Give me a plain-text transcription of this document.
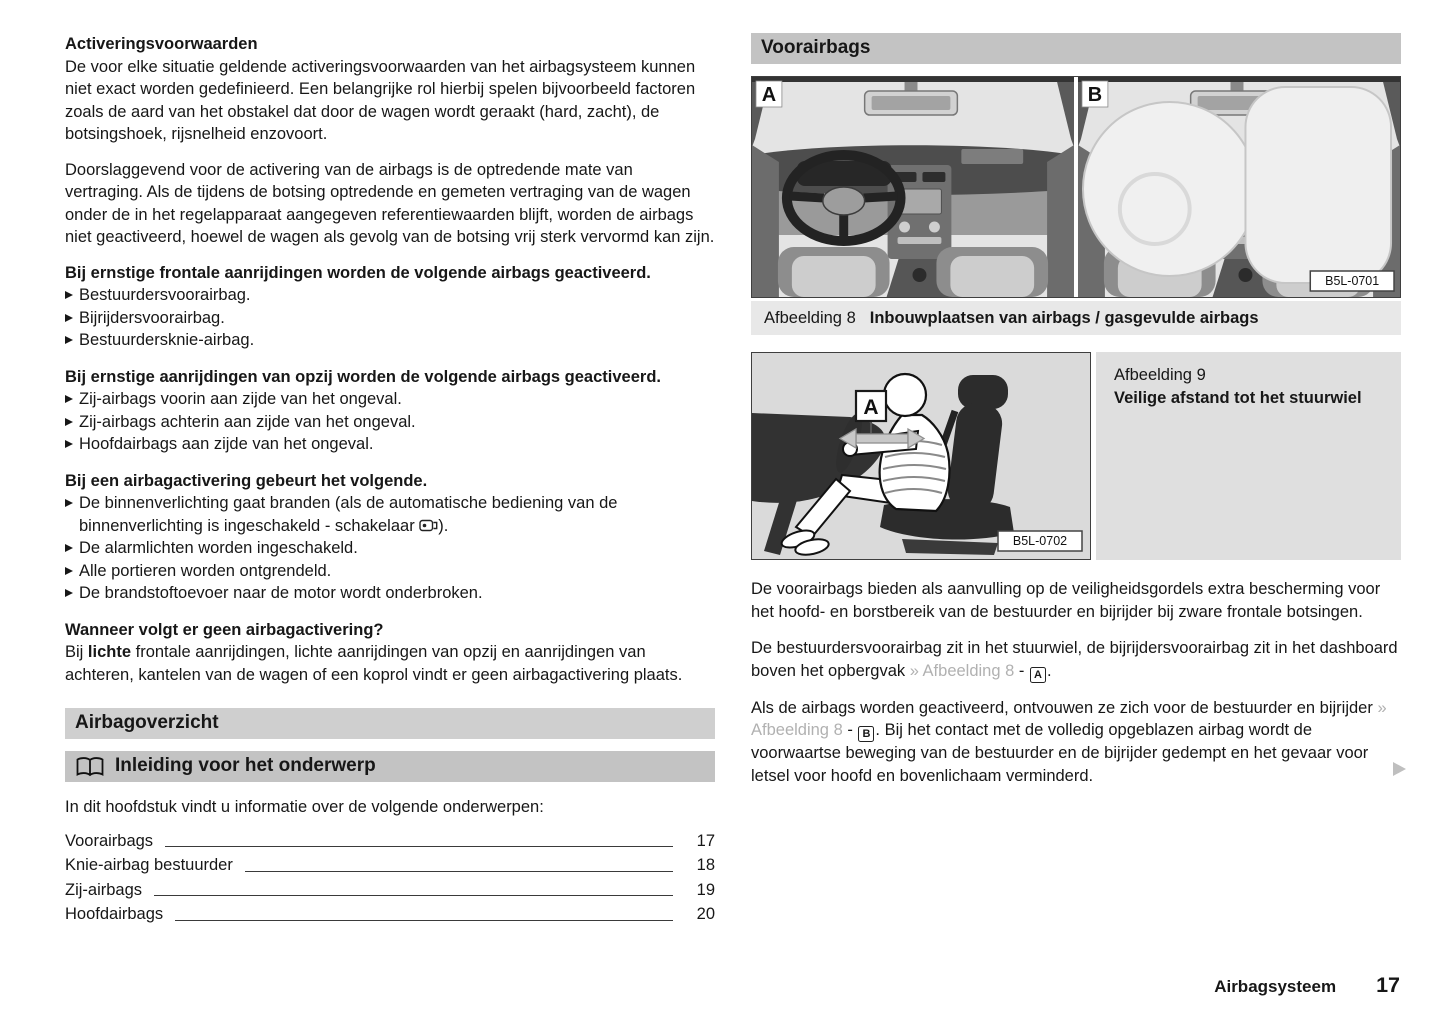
Activeringsvoorwaarden

De voor elke situatie geldende activeringsvoorwaarden van het airbagsysteem kunnen niet exact worden gedefinieerd. Een belangrijke rol hierbij spelen bijvoorbeeld factoren zoals de aard van het obstakel dat door de wagen wordt geraakt (hard, zacht), de botsingshoek, rijsnelheid enzovoort.

Doorslaggevend voor de activering van de airbags is de optredende mate van vertraging. Als de tijdens de botsing optredende en gemeten vertraging van de wagen onder de in het regelapparaat aangegeven referentiewaarden blijft, worden de airbags niet geactiveerd, hoewel de wagen als gevolg van de botsing vrij sterk vervormd kan zijn.

Bij ernstige frontale aanrijdingen worden de volgende airbags geactiveerd.
Bestuurdersvoorairbag.
Bijrijdersvoorairbag.
Bestuurdersknie-airbag.
Bij ernstige aanrijdingen van opzij worden de volgende airbags geactiveerd.
Zij-airbags voorin aan zijde van het ongeval.
Zij-airbags achterin aan zijde van het ongeval.
Hoofdairbags aan zijde van het ongeval.
Bij een airbagactivering gebeurt het volgende.
De binnenverlichting gaat branden (als de automatische bediening van de binnenverlichting is ingeschakeld - schakelaar ).
De alarmlichten worden ingeschakeld.
Alle portieren worden ontgrendeld.
De brandstoftoevoer naar de motor wordt onderbroken.
Wanneer volgt er geen airbagactivering?

Bij lichte frontale aanrijdingen, lichte aanrijdingen van opzij en aanrijdingen van achteren, kantelen van de wagen of een koprol vindt er geen airbagactivering plaats.

Airbagoverzicht
Inleiding voor het onderwerp

In dit hoofdstuk vindt u informatie over de volgende onderwerpen:

Voorairbags	17
Knie-airbag bestuurder	18
Zij-airbags	19
Hoofdairbags	20
Voorairbags
A	B
B5L-0701
Afbeelding 8 Inbouwplaatsen van airbags / gasgevulde airbags
A
B5L-0702
Afbeelding 9
Veilige afstand tot het stuurwiel

De voorairbags bieden als aanvulling op de veiligheidsgordels extra bescherming voor het hoofd- en borstbereik van de bestuurder en bijrijder bij zware frontale botsingen.

De bestuurdersvoorairbag zit in het stuurwiel, de bijrijdersvoorairbag zit in het dashboard boven het opbergvak » Afbeelding 8 - A .

Als de airbags worden geactiveerd, ontvouwen ze zich voor de bestuurder en bijrijder » Afbeelding 8 - B . Bij het contact met de volledig opgeblazen airbag wordt de voorwaartse beweging van de bestuurder en de bijrijder gedempt en het gevaar voor letsel voor hoofd en bovenlichaam verminderd.

Airbagsysteem 17
